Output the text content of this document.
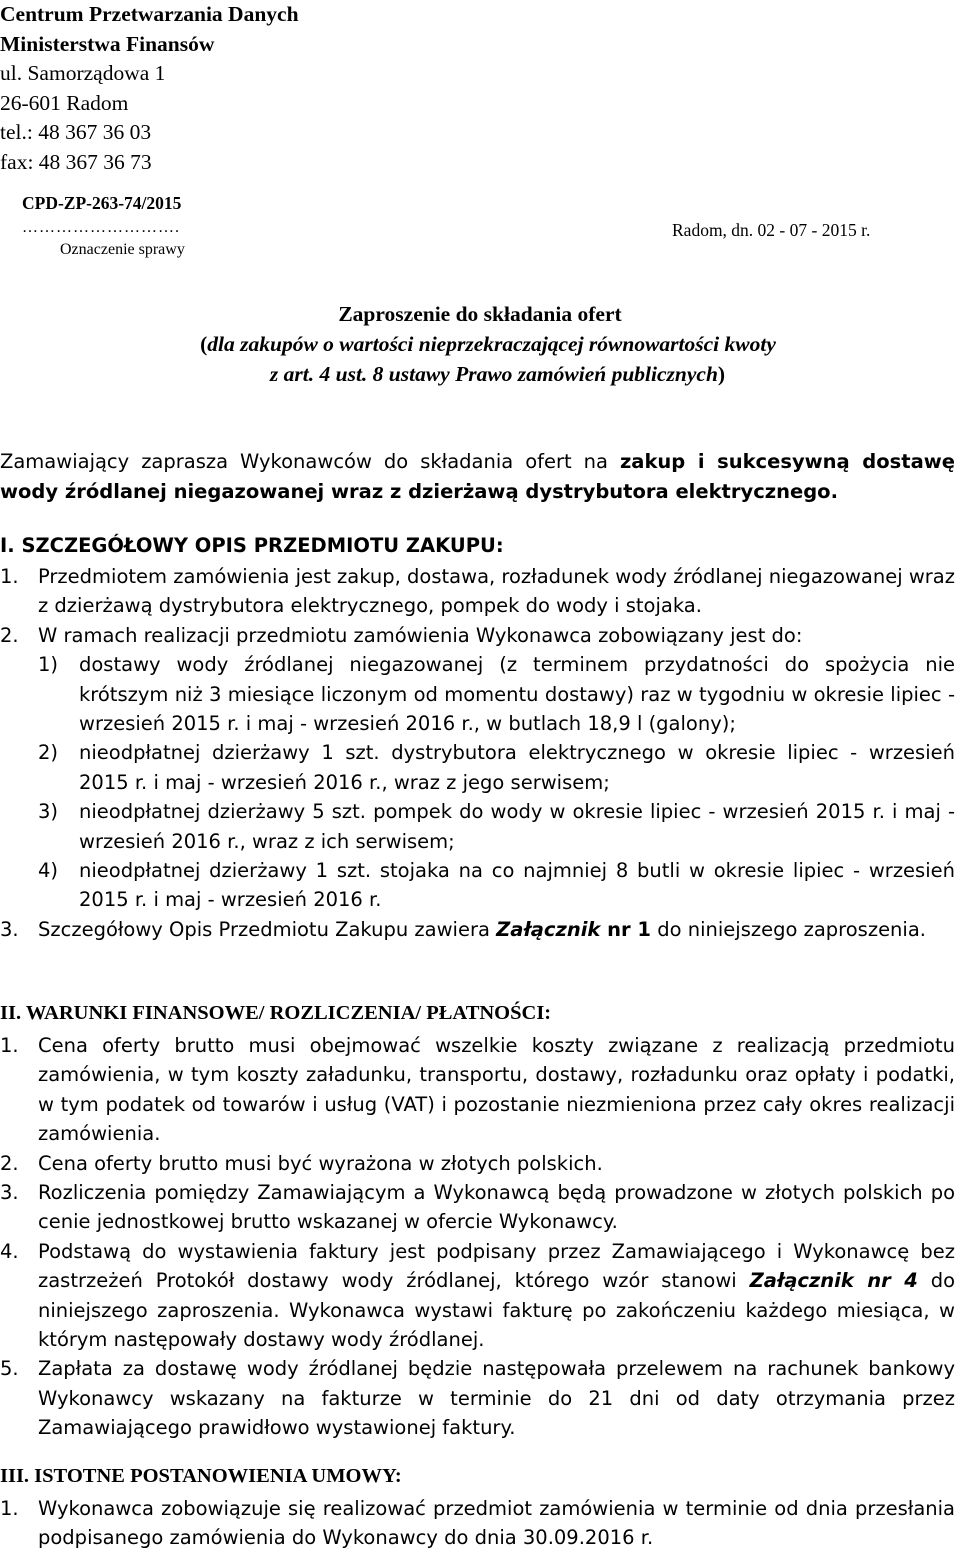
Centrum Przetwarzania Danych
Ministerstwa Finansów
ul. Samorządowa 1
26-601 Radom
tel.: 48 367 36 03
fax: 48 367 36 73
CPD-ZP-263-74/2015
……………………….
Oznaczenie sprawy
Radom, dn. 02 - 07 - 2015 r.
Zaproszenie do składania ofert
(dla zakupów o wartości nieprzekraczającej równowartości kwoty
z art. 4 ust. 8 ustawy Prawo zamówień publicznych)
Zamawiający zaprasza Wykonawców do składania ofert na zakup i sukcesywną dostawę wody źródlanej niegazowanej wraz z dzierżawą dystrybutora elektrycznego.
I. SZCZEGÓŁOWY OPIS PRZEDMIOTU ZAKUPU:
1. Przedmiotem zamówienia jest zakup, dostawa, rozładunek wody źródlanej niegazowanej wraz z dzierżawą dystrybutora elektrycznego, pompek do wody i stojaka.
2. W ramach realizacji przedmiotu zamówienia Wykonawca zobowiązany jest do:
1) dostawy wody źródlanej niegazowanej (z terminem przydatności do spożycia nie krótszym niż 3 miesiące liczonym od momentu dostawy) raz w tygodniu w okresie lipiec - wrzesień 2015 r. i maj - wrzesień 2016 r., w butlach 18,9 l (galony);
2) nieodpłatnej dzierżawy 1 szt. dystrybutora elektrycznego w okresie lipiec - wrzesień 2015 r. i maj - wrzesień 2016 r., wraz z jego serwisem;
3) nieodpłatnej dzierżawy 5 szt. pompek do wody w okresie lipiec - wrzesień 2015 r. i maj - wrzesień 2016 r., wraz z ich serwisem;
4) nieodpłatnej dzierżawy 1 szt. stojaka na co najmniej 8 butli w okresie lipiec - wrzesień 2015 r. i maj - wrzesień 2016 r.
3. Szczegółowy Opis Przedmiotu Zakupu zawiera Załącznik nr 1 do niniejszego zaproszenia.
II. WARUNKI FINANSOWE/ ROZLICZENIA/ PŁATNOŚCI:
1. Cena oferty brutto musi obejmować wszelkie koszty związane z realizacją przedmiotu zamówienia, w tym koszty załadunku, transportu, dostawy, rozładunku oraz opłaty i podatki, w tym podatek od towarów i usług (VAT) i pozostanie niezmieniona przez cały okres realizacji zamówienia.
2. Cena oferty brutto musi być wyrażona w złotych polskich.
3. Rozliczenia pomiędzy Zamawiającym a Wykonawcą będą prowadzone w złotych polskich po cenie jednostkowej brutto wskazanej w ofercie Wykonawcy.
4. Podstawą do wystawienia faktury jest podpisany przez Zamawiającego i Wykonawcę bez zastrzeżeń Protokół dostawy wody źródlanej, którego wzór stanowi Załącznik nr 4 do niniejszego zaproszenia. Wykonawca wystawi fakturę po zakończeniu każdego miesiąca, w którym następowały dostawy wody źródlanej.
5. Zapłata za dostawę wody źródlanej będzie następowała przelewem na rachunek bankowy Wykonawcy wskazany na fakturze w terminie do 21 dni od daty otrzymania przez Zamawiającego prawidłowo wystawionej faktury.
III. ISTOTNE POSTANOWIENIA UMOWY:
1. Wykonawca zobowiązuje się realizować przedmiot zamówienia w terminie od dnia przesłania podpisanego zamówienia do Wykonawcy do dnia 30.09.2016 r.
